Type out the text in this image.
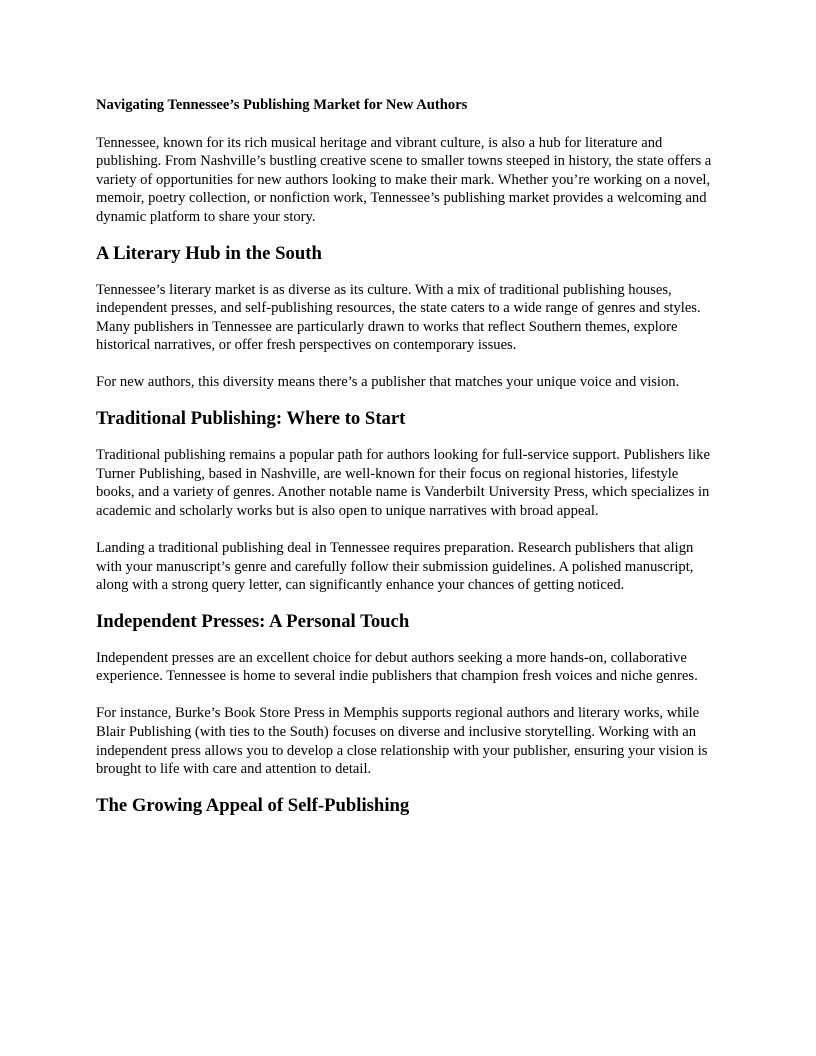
Navigating Tennessee’s Publishing Market for New Authors
Tennessee, known for its rich musical heritage and vibrant culture, is also a hub for literature and publishing. From Nashville’s bustling creative scene to smaller towns steeped in history, the state offers a variety of opportunities for new authors looking to make their mark. Whether you’re working on a novel, memoir, poetry collection, or nonfiction work, Tennessee’s publishing market provides a welcoming and dynamic platform to share your story.
A Literary Hub in the South
Tennessee’s literary market is as diverse as its culture. With a mix of traditional publishing houses, independent presses, and self-publishing resources, the state caters to a wide range of genres and styles. Many publishers in Tennessee are particularly drawn to works that reflect Southern themes, explore historical narratives, or offer fresh perspectives on contemporary issues.
For new authors, this diversity means there’s a publisher that matches your unique voice and vision.
Traditional Publishing: Where to Start
Traditional publishing remains a popular path for authors looking for full-service support. Publishers like Turner Publishing, based in Nashville, are well-known for their focus on regional histories, lifestyle books, and a variety of genres. Another notable name is Vanderbilt University Press, which specializes in academic and scholarly works but is also open to unique narratives with broad appeal.
Landing a traditional publishing deal in Tennessee requires preparation. Research publishers that align with your manuscript’s genre and carefully follow their submission guidelines. A polished manuscript, along with a strong query letter, can significantly enhance your chances of getting noticed.
Independent Presses: A Personal Touch
Independent presses are an excellent choice for debut authors seeking a more hands-on, collaborative experience. Tennessee is home to several indie publishers that champion fresh voices and niche genres.
For instance, Burke’s Book Store Press in Memphis supports regional authors and literary works, while Blair Publishing (with ties to the South) focuses on diverse and inclusive storytelling. Working with an independent press allows you to develop a close relationship with your publisher, ensuring your vision is brought to life with care and attention to detail.
The Growing Appeal of Self-Publishing
